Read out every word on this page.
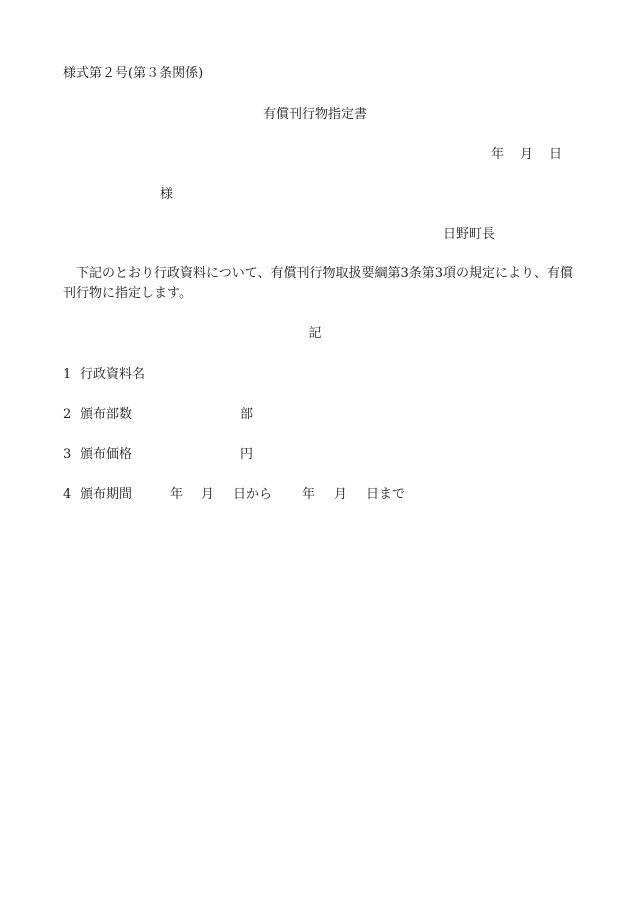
様式第２号(第３条関係)
有償刊行物指定書
年 月 日
様
日野町長
下記のとおり行政資料について、有償刊行物取扱要綱第3条第3項の規定により、有償刊行物に指定します。
記
1 行政資料名
2 頒布部数	部
3 頒布価格	円
4 頒布期間	年 月 日から 年 月 日まで
